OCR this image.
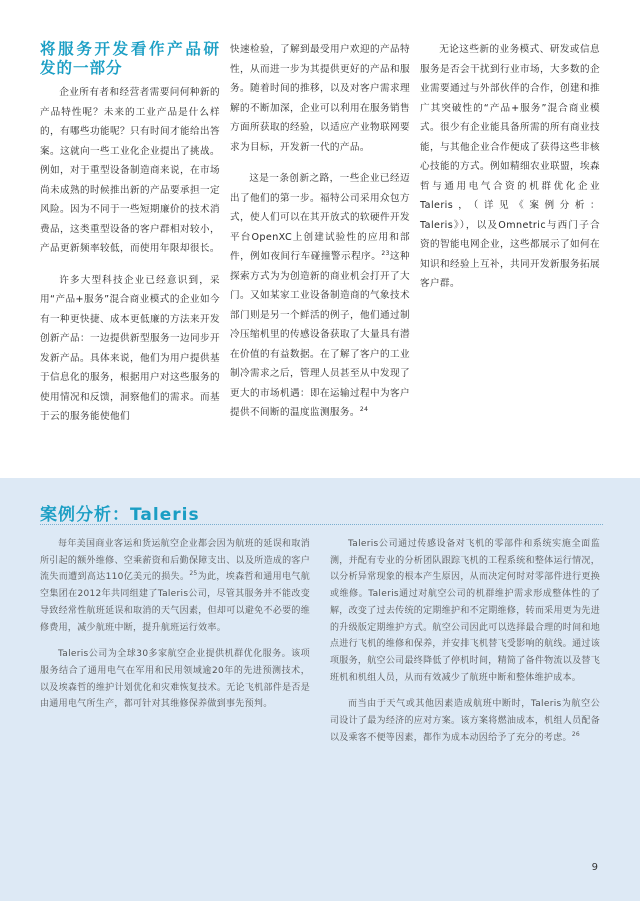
将服务开发看作产品研发的一部分

企业所有者和经营者需要问何种新的产品特性呢？未来的工业产品是什么样的，有哪些功能呢？只有时间才能给出答案。这就向一些工业化企业提出了挑战。例如，对于重型设备制造商来说，在市场尚未成熟的时候推出新的产品要承担一定风险。因为不同于一些短期廉价的技术消费品，这类重型设备的客户群相对较小，产品更新频率较低，而使用年限却很长。

许多大型科技企业已经意识到，采用“产品+服务”混合商业模式的企业如今有一种更快捷、成本更低廉的方法来开发创新产品：一边提供新型服务一边同步开发新产品。具体来说，他们为用户提供基于信息化的服务，根据用户对这些服务的使用情况和反馈，洞察他们的需求。而基于云的服务能使他们

快速检验，了解到最受用户欢迎的产品特性，从而进一步为其提供更好的产品和服务。随着时间的推移，以及对客户需求理解的不断加深，企业可以利用在服务销售方面所获取的经验，以适应产业物联网要求为目标，开发新一代的产品。

这是一条创新之路，一些企业已经迈出了他们的第一步。福特公司采用众包方式，使人们可以在其开放式的软硬件开发平台OpenXC上创建试验性的应用和部件，例如夜间行车碰撞警示程序。$^{23}$这种探索方式为为创造新的商业机会打开了大门。又如某家工业设备制造商的气象技术部门则是另一个鲜活的例子，他们通过制冷压缩机里的传感设备获取了大量具有潜在价值的有益数据。在了解了客户的工业制冷需求之后，管理人员甚至从中发现了更大的市场机遇：即在运输过程中为客户提供不间断的温度监测服务。$^{24}$

无论这些新的业务模式、研发或信息服务是否会干扰到行业市场，大多数的企业需要通过与外部伙伴的合作，创建和推广其突破性的“产品+服务”混合商业模式。很少有企业能具备所需的所有商业技能，与其他企业合作便成了获得这些非核心技能的方式。例如精细农业联盟，埃森哲与通用电气合资的机群优化企业Taleris，（详见《案例分析：Taleris》），以及Omnetric与西门子合资的智能电网企业，这些都展示了如何在知识和经验上互补，共同开发新服务拓展客户群。

案例分析：Taleris

每年美国商业客运和货运航空企业都会因为航班的延误和取消所引起的额外维修、空乘薪资和后勤保障支出、以及所造成的客户流失而遭到高达110亿美元的损失。$^{25}$为此，埃森哲和通用电气航空集团在2012年共同组建了Taleris公司，尽管其服务并不能改变导致经常性航班延误和取消的天气因素，但却可以避免不必要的维修费用，减少航班中断，提升航班运行效率。

Taleris公司为全球30多家航空企业提供机群优化服务。该项服务结合了通用电气在军用和民用领域逾20年的先进预测技术，以及埃森哲的维护计划优化和灾难恢复技术。无论飞机部件是否是由通用电气所生产，都可针对其维修保养做到事先预判。

Taleris公司通过传感设备对飞机的零部件和系统实施全面监测，并配有专业的分析团队跟踪飞机的工程系统和整体运行情况，以分析异常现象的根本产生原因，从而决定何时对零部件进行更换或维修。Taleris通过对航空公司的机群维护需求形成整体性的了解，改变了过去传统的定期维护和不定期维修，转而采用更为先进的升级版定期维护方式。航空公司因此可以选择最合理的时间和地点进行飞机的维修和保养，并安排飞机替飞受影响的航线。通过该项服务，航空公司最终降低了停机时间，精简了备件物流以及替飞班机和机组人员，从而有效减少了航班中断和整体维护成本。

而当由于天气或其他因素造成航班中断时，Taleris为航空公司设计了最为经济的应对方案。该方案将燃油成本，机组人员配备以及乘客不便等因素，都作为成本动因给予了充分的考虑。$^{26}$

9
